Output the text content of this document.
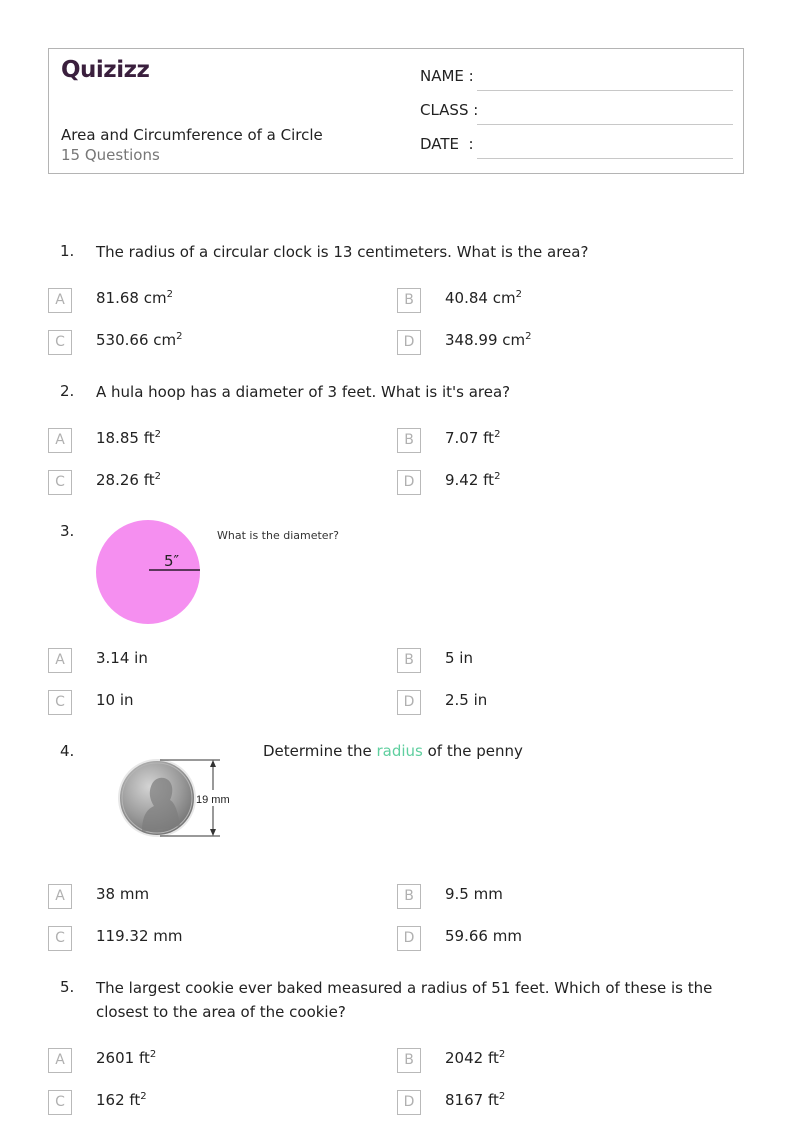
Quizizz
Area and Circumference of a Circle
15 Questions
NAME :
CLASS :
DATE  :
1. The radius of a circular clock is 13 centimeters. What is the area?
A	81.68 $cm^2$	B	40.84 $cm^2$
C	530.66 $cm^2$	D	348.99 $cm^2$
2. A hula hoop has a diameter of 3 feet. What is it's area?
A	18.85 $ft^2$	B	7.07 $ft^2$
C	28.26 $ft^2$	D	9.42 $ft^2$
3.
5″
What is the diameter?
A	3.14 in	B	5 in
C	10 in	D	2.5 in
4.
19 mm
Determine the radius of the penny
A	38 mm	B	9.5 mm
C	119.32 mm	D	59.66 mm
5. The largest cookie ever baked measured a radius of 51 feet. Which of these is the closest to the area of the cookie?
A	2601 $ft^2$	B	2042 $ft^2$
C	162 $ft^2$	D	8167 $ft^2$
